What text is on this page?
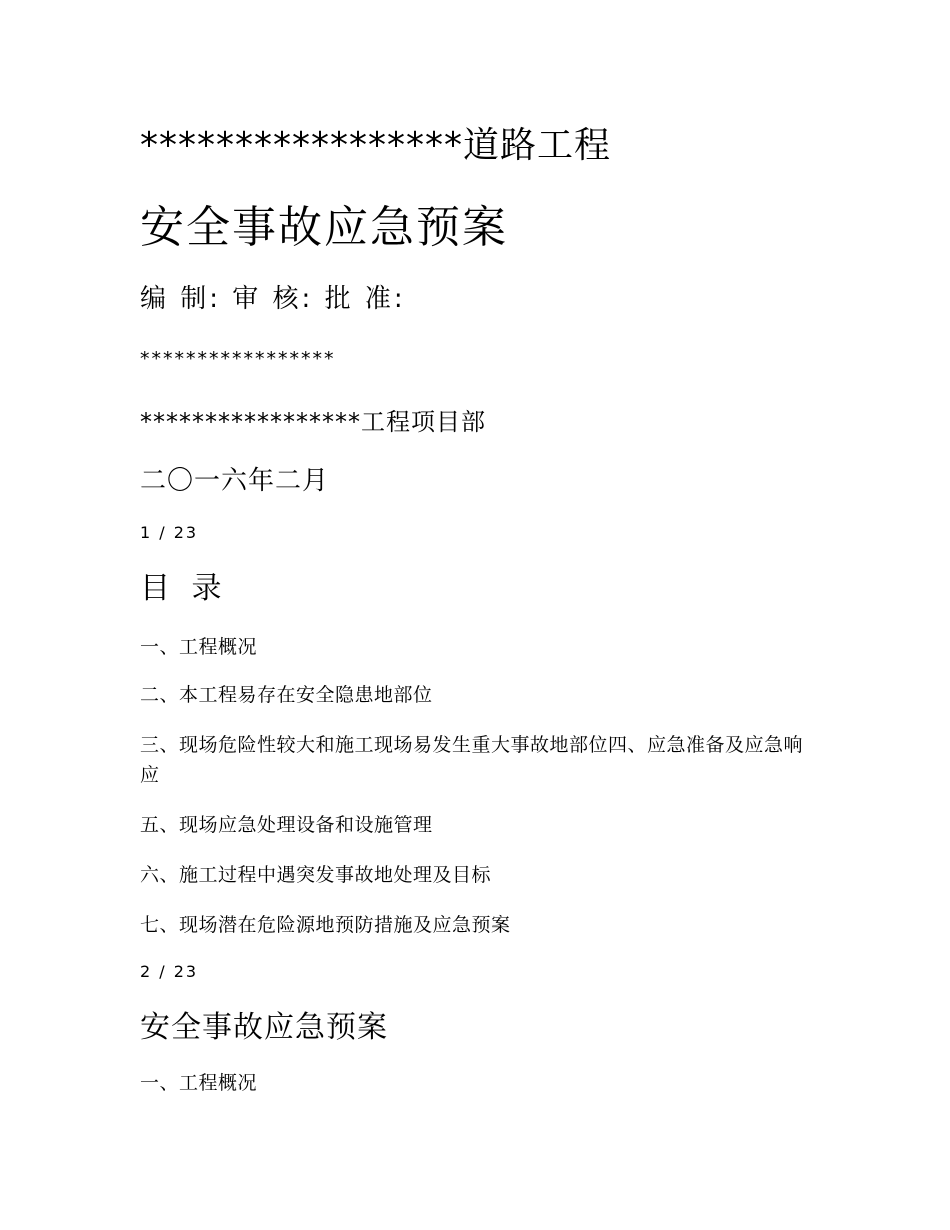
*****************道路工程
安全事故应急预案
编 制: 审 核: 批 准:
*****************
*****************工程项目部
二〇一六年二月
1 / 23
目 录
一、工程概况
二、本工程易存在安全隐患地部位
三、现场危险性较大和施工现场易发生重大事故地部位四、应急准备及应急响应
五、现场应急处理设备和设施管理
六、施工过程中遇突发事故地处理及目标
七、现场潜在危险源地预防措施及应急预案
2 / 23
安全事故应急预案
一、工程概况
